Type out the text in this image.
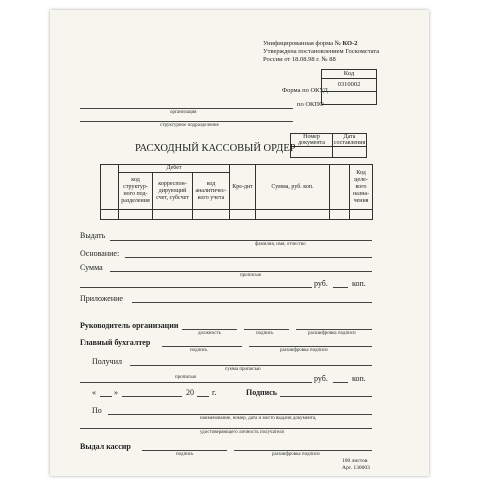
Унифицированная форма № КО-2
Утверждена постановлением Госкомстата
России от 18.08.98 г. № 88
Код
0310002

Форма по ОКУД
по ОКПО
организация
структурное подразделение
Номер документа	Дата составления

РАСХОДНЫЙ КАССОВЫЙ ОРДЕР
	Дебет			Кре-дит	Сумма, руб. коп.		Код целе-вого назна-чения
	код структур-ного под-разделения	корреспон-дирующий счет, субсчет	код аналитичес-кого учета				

Выдать
фамилия, имя, отчество
Основание:
Сумма
прописью
руб.	коп.
Приложение
Руководитель организации
должность	подпись	расшифровка подписи
Главный бухгалтер
подпись	расшифровка подписи
Получил
сумма прописью
прописью	руб.	коп.
« »	20 г.	Подпись
По
наименование, номер, дата и место выдачи документа,
удостоверяющего личность получателя
Выдал кассир
подпись	расшифровка подписи
100 листов
Арт. 130003
